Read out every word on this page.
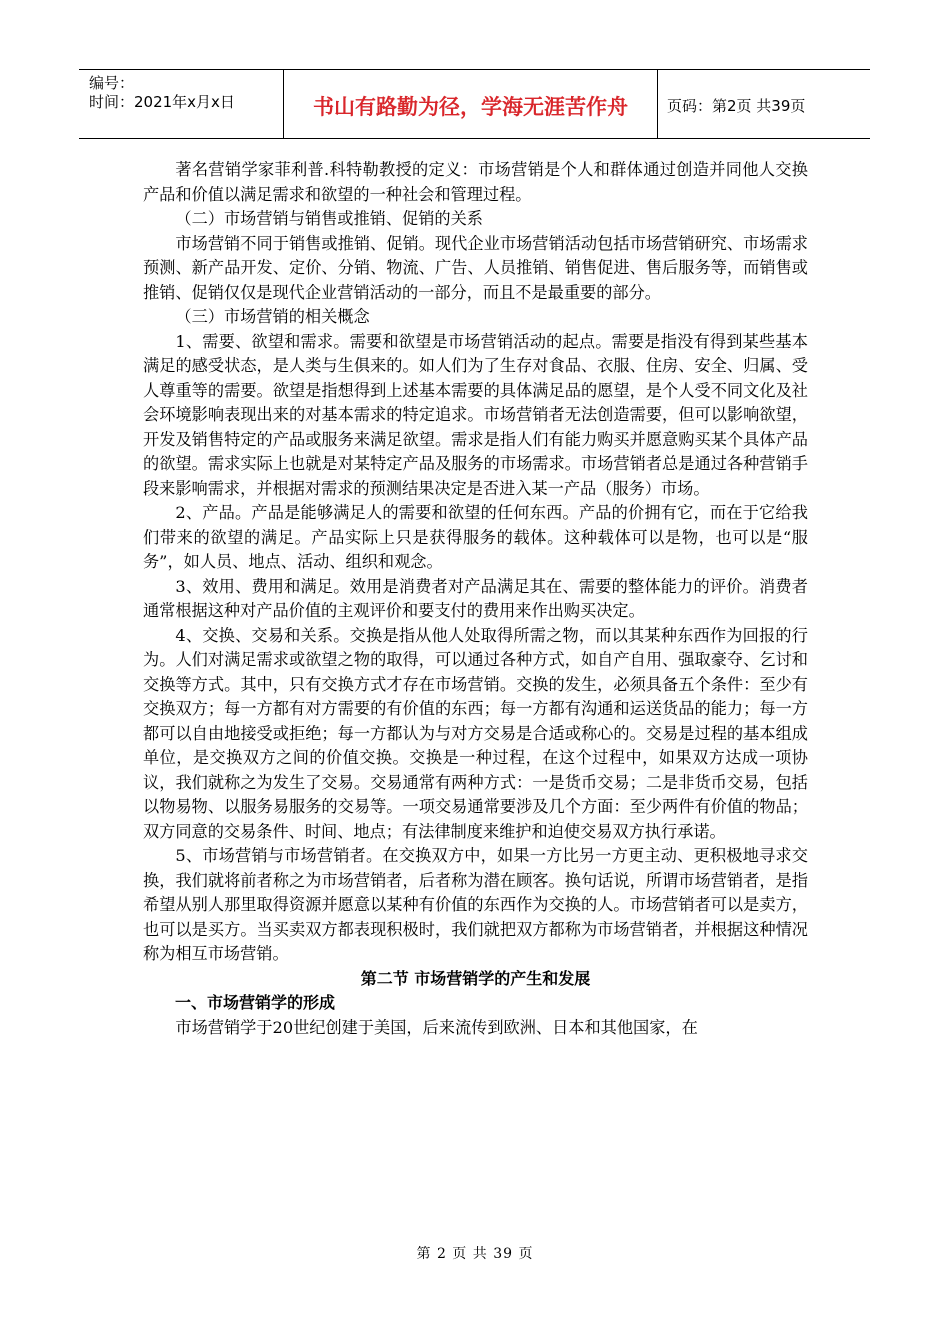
编号：
时间：2021年x月x日	书山有路勤为径，学海无涯苦作舟	页码：第2页 共39页

著名营销学家菲利普.科特勒教授的定义：市场营销是个人和群体通过创造并同他人交换产品和价值以满足需求和欲望的一种社会和管理过程。

（二）市场营销与销售或推销、促销的关系

市场营销不同于销售或推销、促销。现代企业市场营销活动包括市场营销研究、市场需求预测、新产品开发、定价、分销、物流、广告、人员推销、销售促进、售后服务等，而销售或推销、促销仅仅是现代企业营销活动的一部分，而且不是最重要的部分。

（三）市场营销的相关概念

1、需要、欲望和需求。需要和欲望是市场营销活动的起点。需要是指没有得到某些基本满足的感受状态，是人类与生俱来的。如人们为了生存对食品、衣服、住房、安全、归属、受人尊重等的需要。欲望是指想得到上述基本需要的具体满足品的愿望，是个人受不同文化及社会环境影响表现出来的对基本需求的特定追求。市场营销者无法创造需要，但可以影响欲望，开发及销售特定的产品或服务来满足欲望。需求是指人们有能力购买并愿意购买某个具体产品的欲望。需求实际上也就是对某特定产品及服务的市场需求。市场营销者总是通过各种营销手段来影响需求，并根据对需求的预测结果决定是否进入某一产品（服务）市场。

2、产品。产品是能够满足人的需要和欲望的任何东西。产品的价拥有它，而在于它给我们带来的欲望的满足。产品实际上只是获得服务的载体。这种载体可以是物，也可以是“服务”，如人员、地点、活动、组织和观念。

3、效用、费用和满足。效用是消费者对产品满足其在、需要的整体能力的评价。消费者通常根据这种对产品价值的主观评价和要支付的费用来作出购买决定。

4、交换、交易和关系。交换是指从他人处取得所需之物，而以其某种东西作为回报的行为。人们对满足需求或欲望之物的取得，可以通过各种方式，如自产自用、强取豪夺、乞讨和交换等方式。其中，只有交换方式才存在市场营销。交换的发生，必须具备五个条件：至少有交换双方；每一方都有对方需要的有价值的东西；每一方都有沟通和运送货品的能力；每一方都可以自由地接受或拒绝；每一方都认为与对方交易是合适或称心的。交易是过程的基本组成单位，是交换双方之间的价值交换。交换是一种过程，在这个过程中，如果双方达成一项协议，我们就称之为发生了交易。交易通常有两种方式：一是货币交易；二是非货币交易，包括以物易物、以服务易服务的交易等。一项交易通常要涉及几个方面：至少两件有价值的物品；双方同意的交易条件、时间、地点；有法律制度来维护和迫使交易双方执行承诺。

5、市场营销与市场营销者。在交换双方中，如果一方比另一方更主动、更积极地寻求交换，我们就将前者称之为市场营销者，后者称为潜在顾客。换句话说，所谓市场营销者，是指希望从别人那里取得资源并愿意以某种有价值的东西作为交换的人。市场营销者可以是卖方，也可以是买方。当买卖双方都表现积极时，我们就把双方都称为市场营销者，并根据这种情况称为相互市场营销。

第二节 市场营销学的产生和发展

一、市场营销学的形成

市场营销学于20世纪创建于美国，后来流传到欧洲、日本和其他国家，在

第 2 页 共 39 页
